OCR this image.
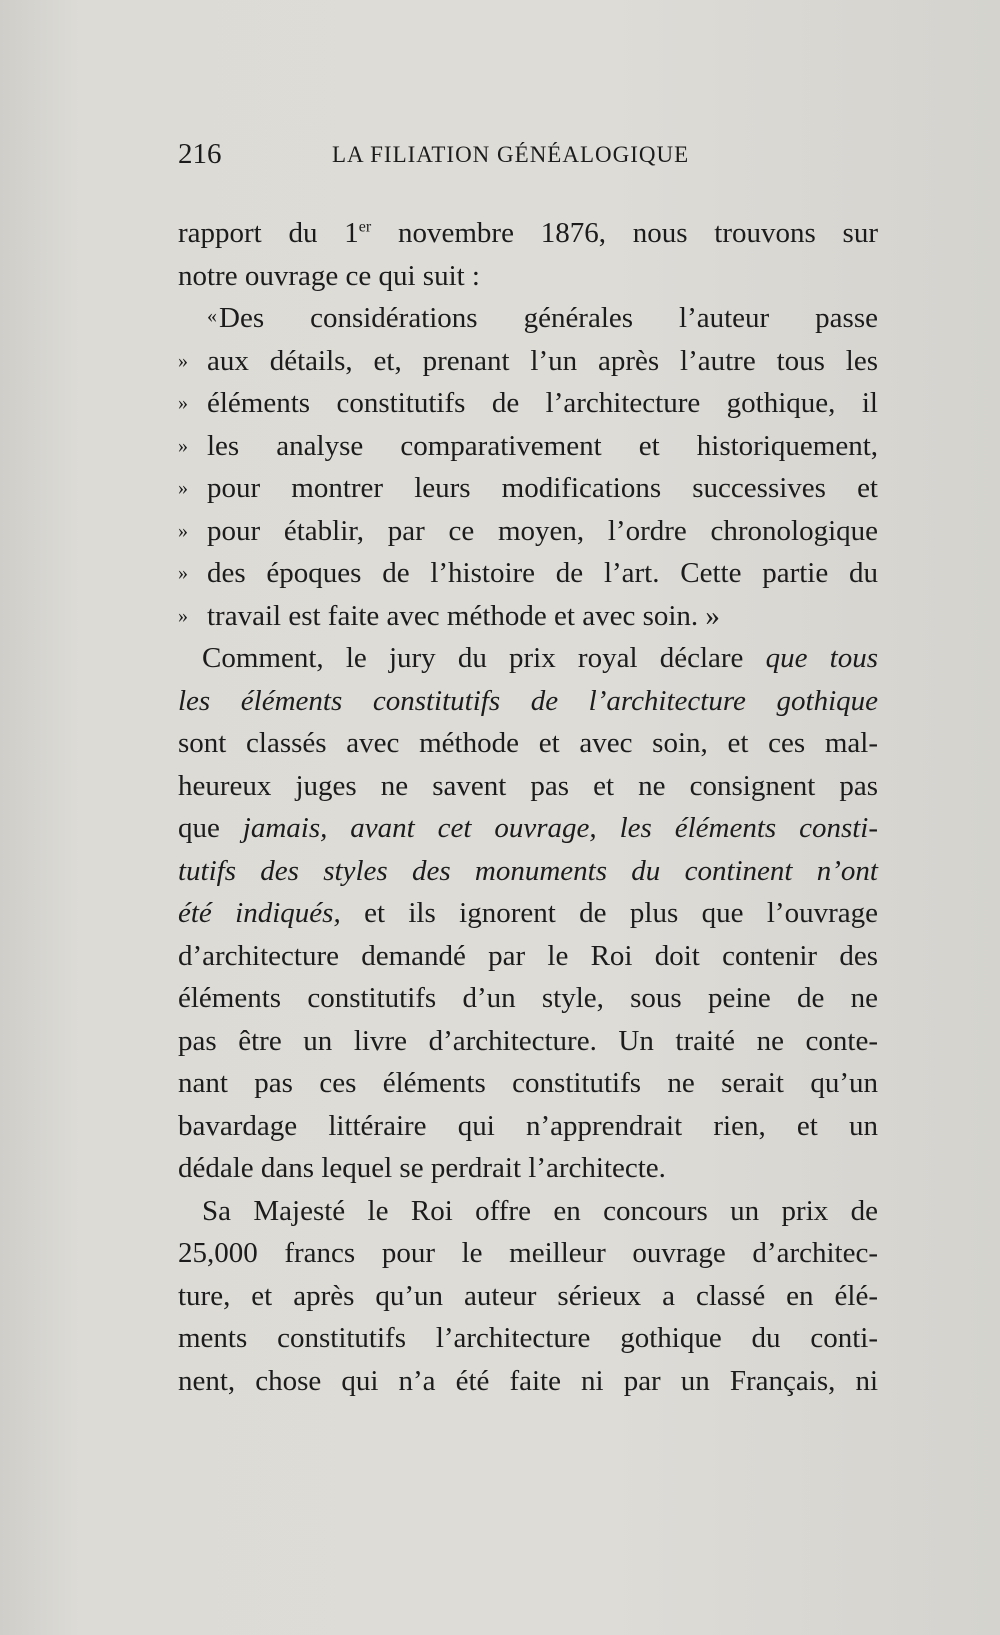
216	LA FILIATION GÉNÉALOGIQUE
rapport du 1er novembre 1876, nous trouvons sur
notre ouvrage ce qui suit :
« Des considérations générales l’auteur passe
» aux détails, et, prenant l’un après l’autre tous les
» éléments constitutifs de l’architecture gothique, il
» les analyse comparativement et historiquement,
» pour montrer leurs modifications successives et
» pour établir, par ce moyen, l’ordre chronologique
» des époques de l’histoire de l’art. Cette partie du
» travail est faite avec méthode et avec soin. »
Comment, le jury du prix royal déclare que tous
les éléments constitutifs de l’architecture gothique
sont classés avec méthode et avec soin, et ces mal-
heureux juges ne savent pas et ne consignent pas
que jamais, avant cet ouvrage, les éléments consti-
tutifs des styles des monuments du continent n’ont
été indiqués, et ils ignorent de plus que l’ouvrage
d’architecture demandé par le Roi doit contenir des
éléments constitutifs d’un style, sous peine de ne
pas être un livre d’architecture. Un traité ne conte-
nant pas ces éléments constitutifs ne serait qu’un
bavardage littéraire qui n’apprendrait rien, et un
dédale dans lequel se perdrait l’architecte.
Sa Majesté le Roi offre en concours un prix de
25,000 francs pour le meilleur ouvrage d’architec-
ture, et après qu’un auteur sérieux a classé en élé-
ments constitutifs l’architecture gothique du conti-
nent, chose qui n’a été faite ni par un Français, ni
